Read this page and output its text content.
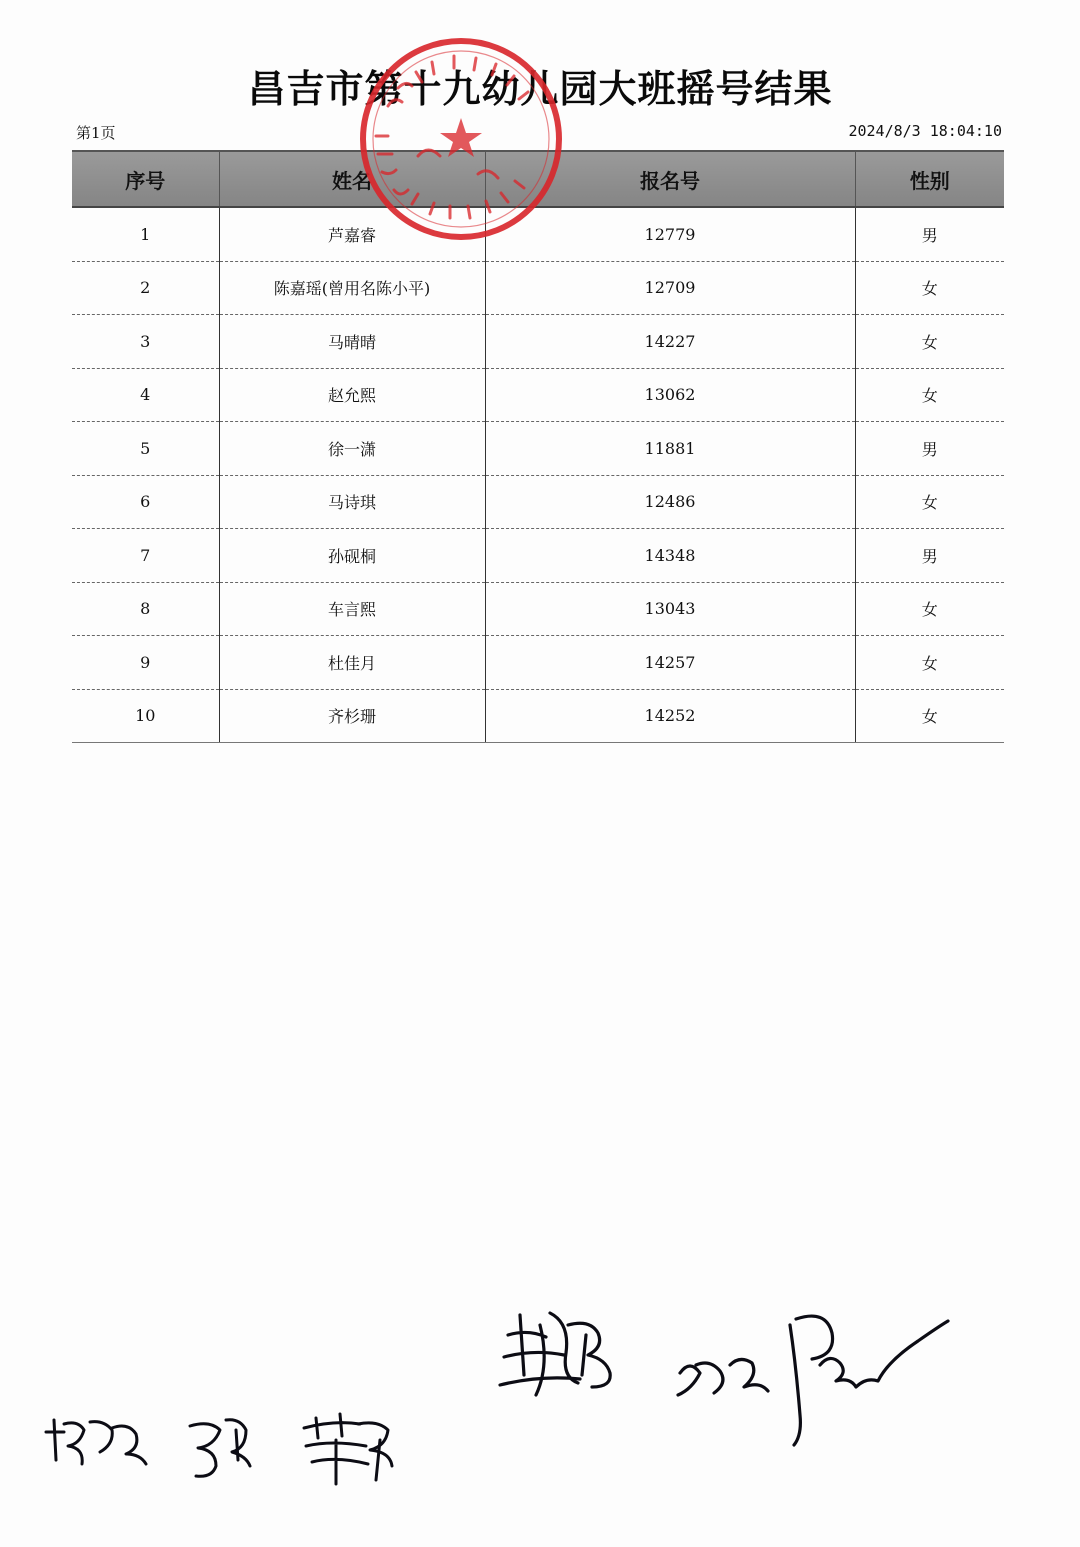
昌吉市第十九幼儿园大班摇号结果
第1页	2024/8/3 18:04:10
序号	姓名	报名号	性别
1	芦嘉睿	12779	男
2	陈嘉瑶(曾用名陈小平)	12709	女
3	马晴晴	14227	女
4	赵允熙	13062	女
5	徐一潇	11881	男
6	马诗琪	12486	女
7	孙砚桐	14348	男
8	车言熙	13043	女
9	杜佳月	14257	女
10	齐杉珊	14252	女
